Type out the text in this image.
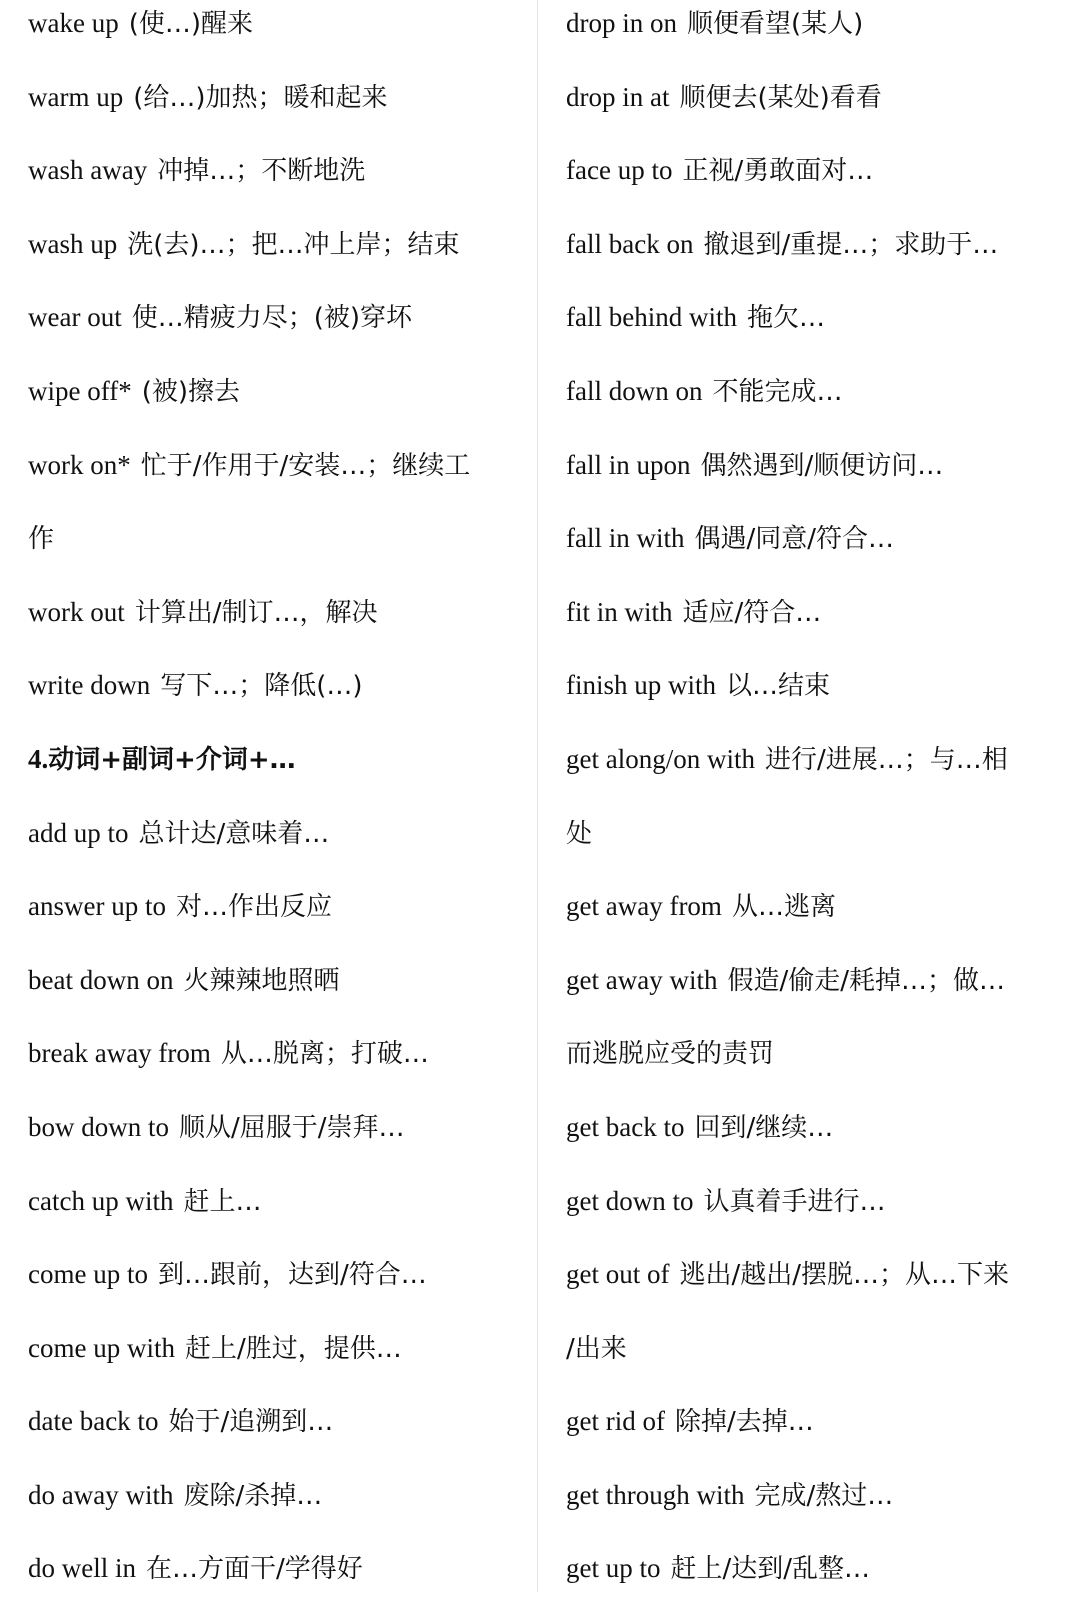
wake up (使…)醒来
warm up (给…)加热；暖和起来
wash away 冲掉…；不断地洗
wash up 洗(去)…；把…冲上岸；结束
wear out 使…精疲力尽；(被)穿坏
wipe off* (被)擦去
work on* 忙于/作用于/安装…；继续工
作
work out 计算出/制订…，解决
write down 写下…；降低(…)
4.动词+副词+介词+…
add up to 总计达/意味着…
answer up to 对…作出反应
beat down on 火辣辣地照晒
break away from 从…脱离；打破…
bow down to 顺从/屈服于/崇拜…
catch up with 赶上…
come up to 到…跟前，达到/符合…
come up with 赶上/胜过，提供…
date back to 始于/追溯到…
do away with 废除/杀掉…
do well in 在…方面干/学得好
drop in on 顺便看望(某人)
drop in at 顺便去(某处)看看
face up to 正视/勇敢面对…
fall back on 撤退到/重提…；求助于…
fall behind with 拖欠…
fall down on 不能完成…
fall in upon 偶然遇到/顺便访问…
fall in with 偶遇/同意/符合…
fit in with 适应/符合…
finish up with 以…结束
get along/on with 进行/进展…；与…相
处
get away from 从…逃离
get away with 假造/偷走/耗掉…；做…
而逃脱应受的责罚
get back to 回到/继续…
get down to 认真着手进行…
get out of 逃出/越出/摆脱…；从…下来
/出来
get rid of 除掉/去掉…
get through with 完成/熬过…
get up to 赶上/达到/乱整…
